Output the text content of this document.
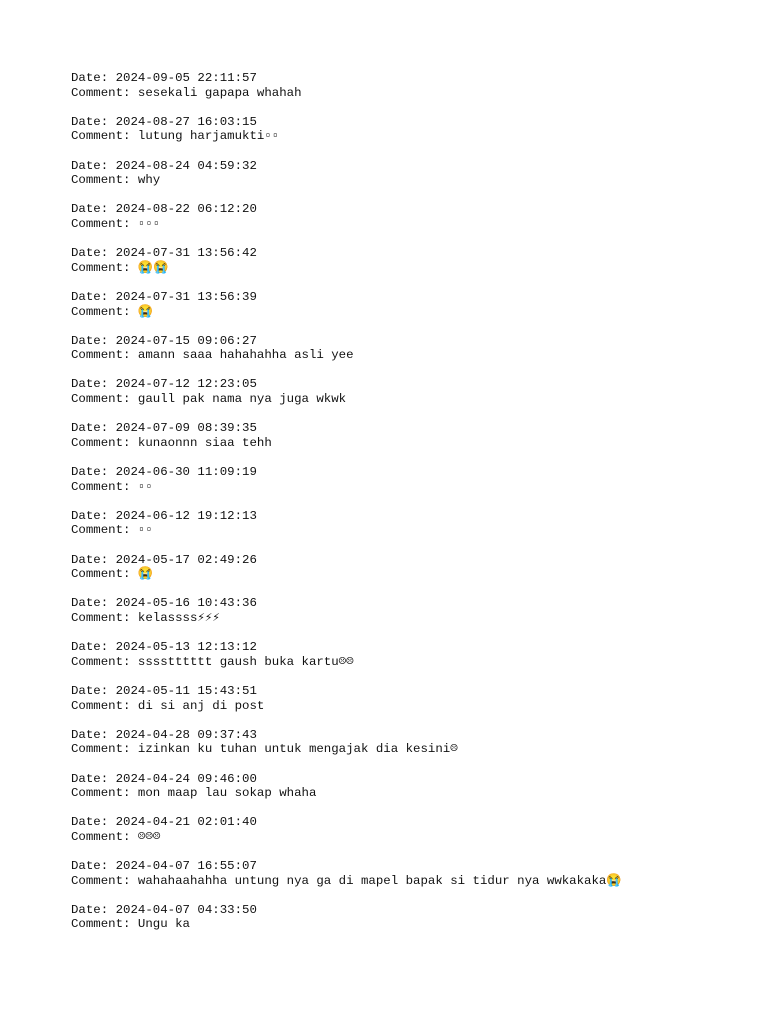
Date: 2024-09-05 22:11:57
Comment: sesekali gapapa whahah
Date: 2024-08-27 16:03:15
Comment: lutung harjamukti▫▫
Date: 2024-08-24 04:59:32
Comment: why
Date: 2024-08-22 06:12:20
Comment: ▫▫▫
Date: 2024-07-31 13:56:42
Comment: 😭😭
Date: 2024-07-31 13:56:39
Comment: 😭
Date: 2024-07-15 09:06:27
Comment: amann saaa hahahahha asli yee
Date: 2024-07-12 12:23:05
Comment: gaull pak nama nya juga wkwk
Date: 2024-07-09 08:39:35
Comment: kunaonnn siaa tehh
Date: 2024-06-30 11:09:19
Comment: ▫▫
Date: 2024-06-12 19:12:13
Comment: ▫▫
Date: 2024-05-17 02:49:26
Comment: 😭
Date: 2024-05-16 10:43:36
Comment: kelassss⚡⚡⚡
Date: 2024-05-13 12:13:12
Comment: sssstttttt gaush buka kartu☹☹
Date: 2024-05-11 15:43:51
Comment: di si anj di post
Date: 2024-04-28 09:37:43
Comment: izinkan ku tuhan untuk mengajak dia kesini☹
Date: 2024-04-24 09:46:00
Comment: mon maap lau sokap whaha
Date: 2024-04-21 02:01:40
Comment: ☹☹☹
Date: 2024-04-07 16:55:07
Comment: wahahaahahha untung nya ga di mapel bapak si tidur nya wwkakaka😭
Date: 2024-04-07 04:33:50
Comment: Ungu ka
